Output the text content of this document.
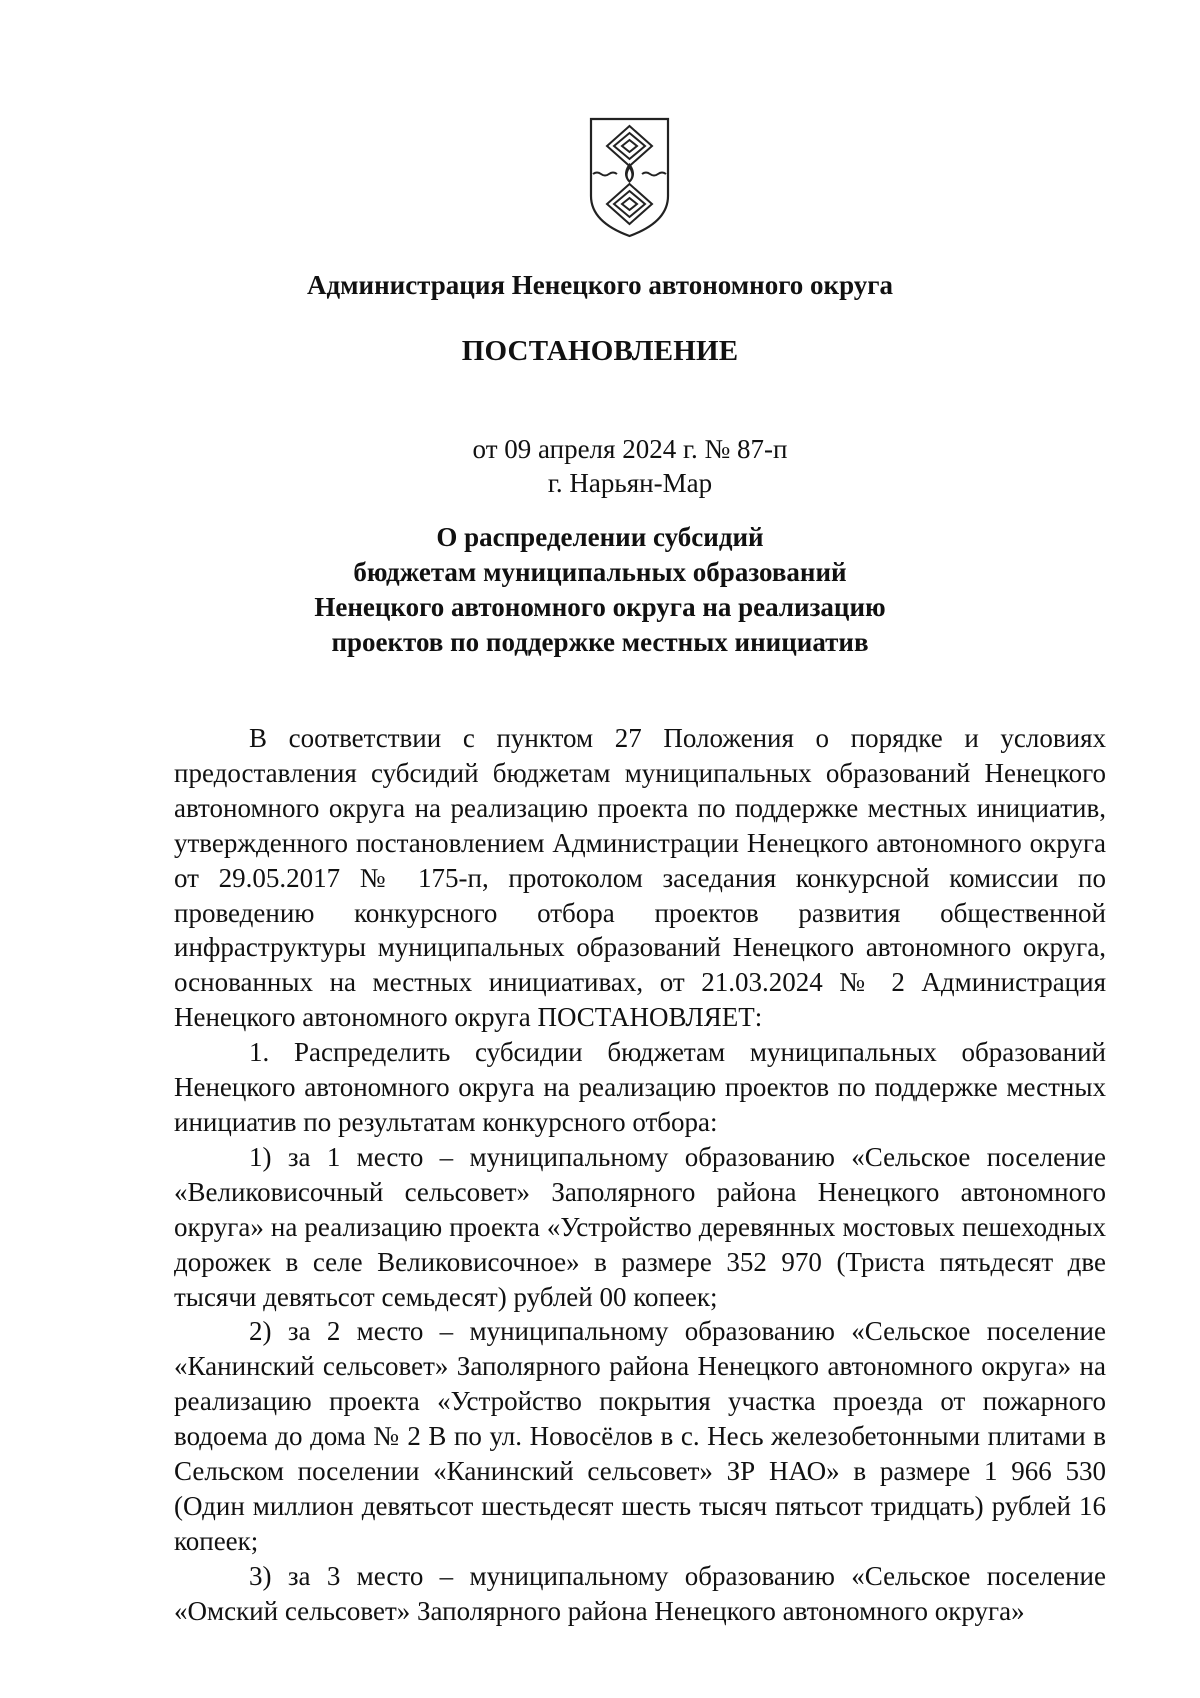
Администрация Ненецкого автономного округа
ПОСТАНОВЛЕНИЕ
от 09 апреля 2024 г. № 87-п
г. Нарьян-Мар
О распределении субсидий
бюджетам муниципальных образований
Ненецкого автономного округа на реализацию
проектов по поддержке местных инициатив

В соответствии с пунктом 27 Положения о порядке и условиях предоставления субсидий бюджетам муниципальных образований Ненецкого автономного округа на реализацию проекта по поддержке местных инициатив, утвержденного постановлением Администрации Ненецкого автономного округа от 29.05.2017 № 175-п, протоколом заседания конкурсной комиссии по проведению конкурсного отбора проектов развития общественной инфраструктуры муниципальных образований Ненецкого автономного округа, основанных на местных инициативах, от 21.03.2024 № 2 Администрация Ненецкого автономного округа ПОСТАНОВЛЯЕТ:

1. Распределить субсидии бюджетам муниципальных образований Ненецкого автономного округа на реализацию проектов по поддержке местных инициатив по результатам конкурсного отбора:

1) за 1 место – муниципальному образованию «Сельское поселение «Великовисочный сельсовет» Заполярного района Ненецкого автономного округа» на реализацию проекта «Устройство деревянных мостовых пешеходных дорожек в селе Великовисочное» в размере 352 970 (Триста пятьдесят две тысячи девятьсот семьдесят) рублей 00 копеек;

2) за 2 место – муниципальному образованию «Сельское поселение «Канинский сельсовет» Заполярного района Ненецкого автономного округа» на реализацию проекта «Устройство покрытия участка проезда от пожарного водоема до дома № 2 В по ул. Новосёлов в с. Несь железобетонными плитами в Сельском поселении «Канинский сельсовет» ЗР НАО» в размере 1 966 530 (Один миллион девятьсот шестьдесят шесть тысяч пятьсот тридцать) рублей 16 копеек;

3) за 3 место – муниципальному образованию «Сельское поселение «Омский сельсовет» Заполярного района Ненецкого автономного округа»
